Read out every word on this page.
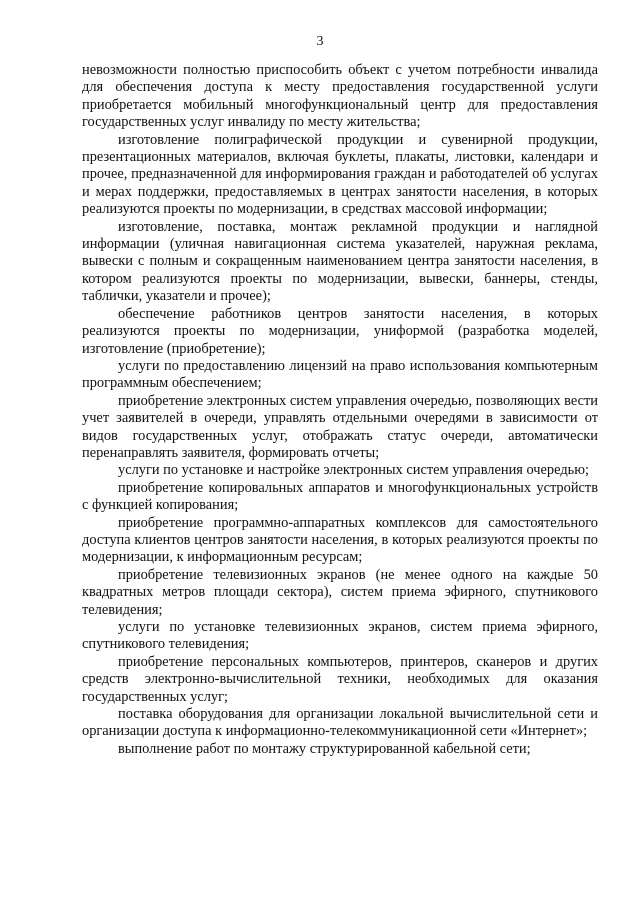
3

невозможности полностью приспособить объект с учетом потребности инвалида для обеспечения доступа к месту предоставления государственной услуги приобретается мобильный многофункциональный центр для предоставления государственных услуг инвалиду по месту жительства;

изготовление полиграфической продукции и сувенирной продукции, презентационных материалов, включая буклеты, плакаты, листовки, календари и прочее, предназначенной для информирования граждан и работодателей об услугах и мерах поддержки, предоставляемых в центрах занятости населения, в которых реализуются проекты по модернизации, в средствах массовой информации;

изготовление, поставка, монтаж рекламной продукции и наглядной информации (уличная навигационная система указателей, наружная реклама, вывески с полным и сокращенным наименованием центра занятости населения, в котором реализуются проекты по модернизации, вывески, баннеры, стенды, таблички, указатели и прочее);

обеспечение работников центров занятости населения, в которых реализуются проекты по модернизации, униформой (разработка моделей, изготовление (приобретение);

услуги по предоставлению лицензий на право использования компьютерным программным обеспечением;

приобретение электронных систем управления очередью, позволяющих вести учет заявителей в очереди, управлять отдельными очередями в зависимости от видов государственных услуг, отображать статус очереди, автоматически перенаправлять заявителя, формировать отчеты;

услуги по установке и настройке электронных систем управления очередью;

приобретение копировальных аппаратов и многофункциональных устройств с функцией копирования;

приобретение программно-аппаратных комплексов для самостоятельного доступа клиентов центров занятости населения, в которых реализуются проекты по модернизации, к информационным ресурсам;

приобретение телевизионных экранов (не менее одного на каждые 50 квадратных метров площади сектора), систем приема эфирного, спутникового телевидения;

услуги по установке телевизионных экранов, систем приема эфирного, спутникового телевидения;

приобретение персональных компьютеров, принтеров, сканеров и других средств электронно-вычислительной техники, необходимых для оказания государственных услуг;

поставка оборудования для организации локальной вычислительной сети и организации доступа к информационно-телекоммуникационной сети «Интернет»;

выполнение работ по монтажу структурированной кабельной сети;
